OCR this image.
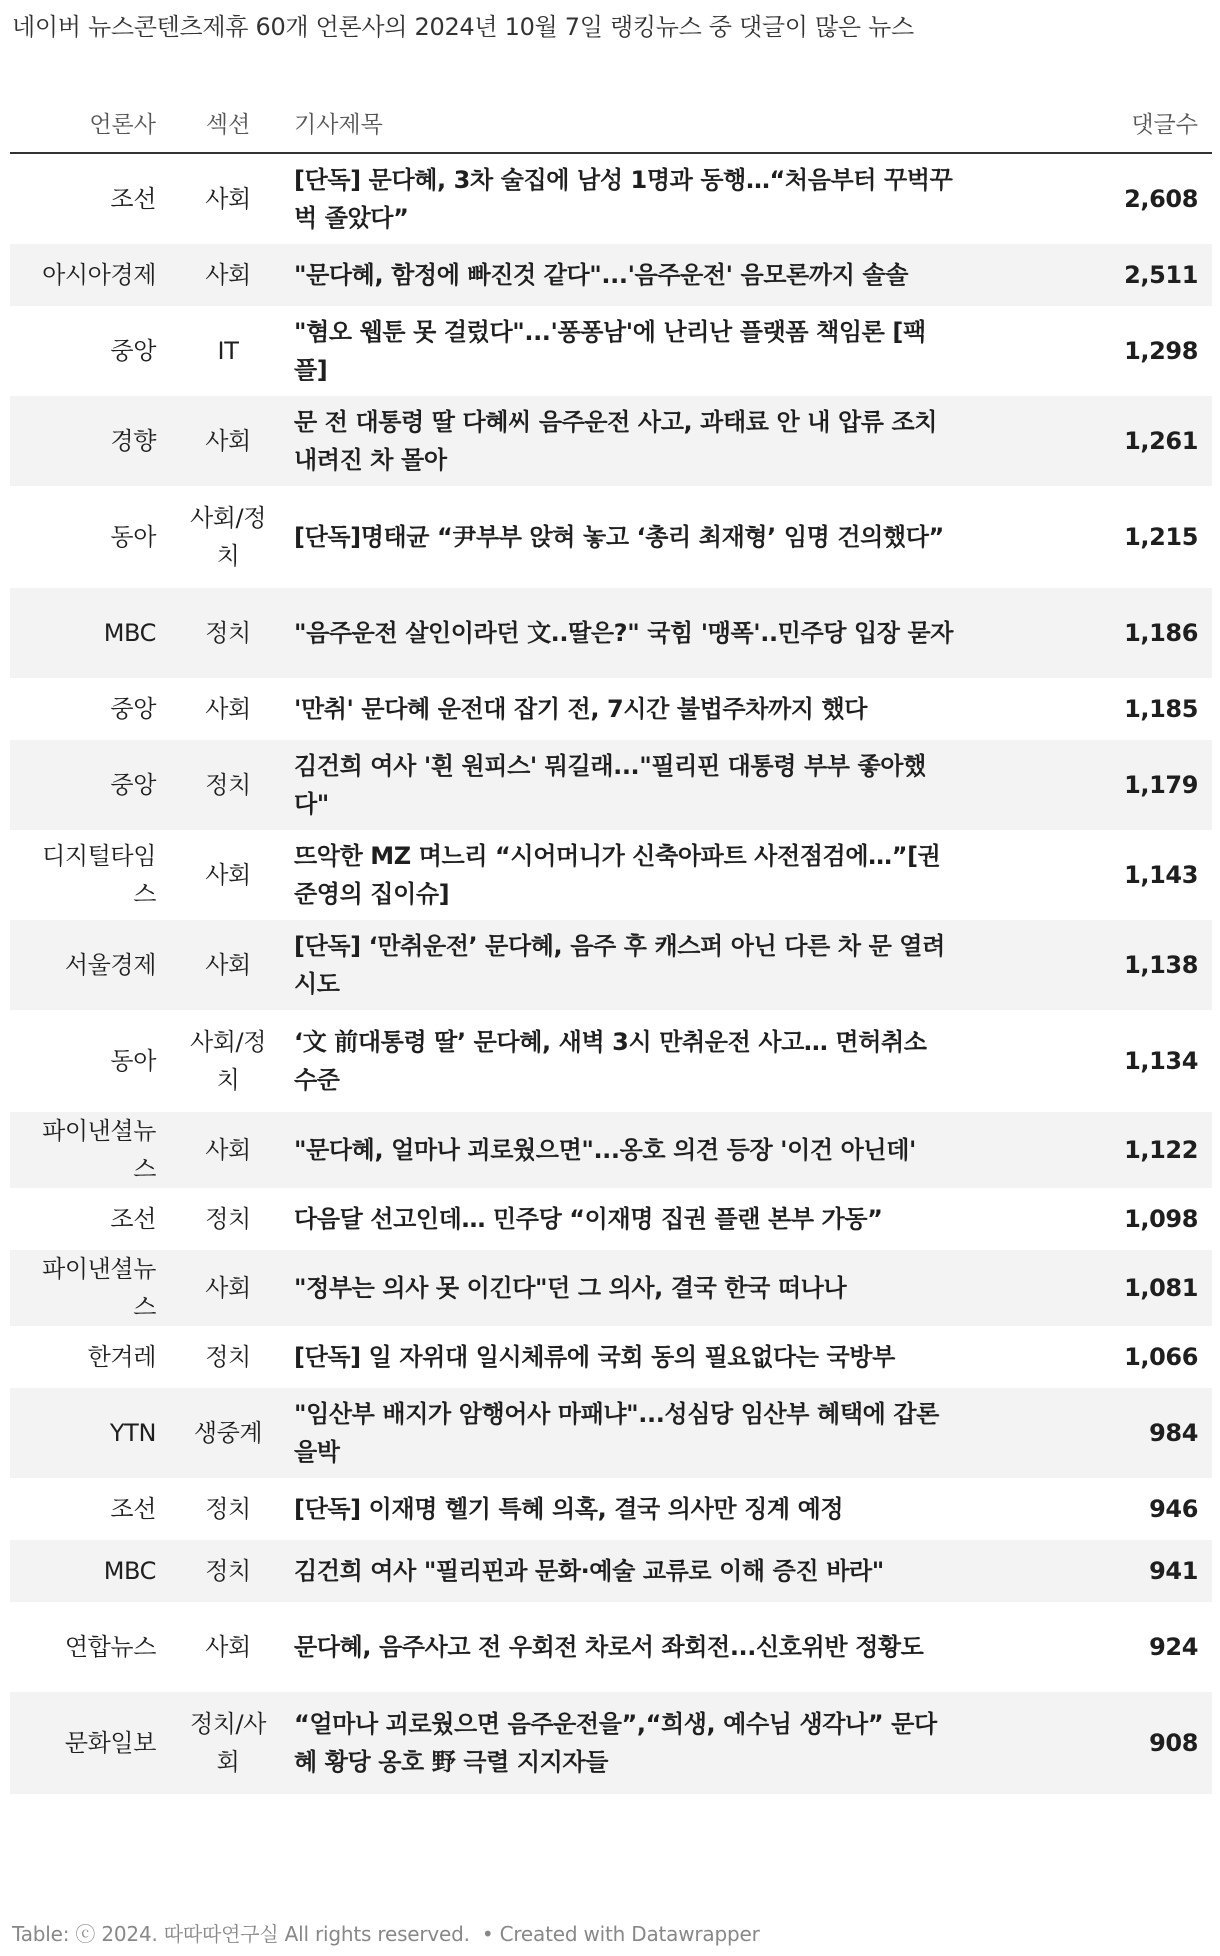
네이버 뉴스콘텐츠제휴 60개 언론사의 2024년 10월 7일 랭킹뉴스 중 댓글이 많은 뉴스
언론사	섹션	기사제목	댓글수
조선	사회	[단독] 문다혜, 3차 술집에 남성 1명과 동행…“처음부터 꾸벅꾸벅 졸았다”	2,608
아시아경제	사회	"문다혜, 함정에 빠진것 같다"...'음주운전' 음모론까지 솔솔	2,511
중앙	IT	"혐오 웹툰 못 걸렀다"...'퐁퐁남'에 난리난 플랫폼 책임론 [팩플]	1,298
경향	사회	문 전 대통령 딸 다혜씨 음주운전 사고, 과태료 안 내 압류 조치 내려진 차 몰아	1,261
동아	사회/정치	[단독]명태균 “尹부부 앉혀 놓고 ‘총리 최재형’ 임명 건의했다”	1,215
MBC	정치	"음주운전 살인이라던 文..딸은?" 국힘 '맹폭'..민주당 입장 묻자	1,186
중앙	사회	'만취' 문다혜 운전대 잡기 전, 7시간 불법주차까지 했다	1,185
중앙	정치	김건희 여사 '흰 원피스' 뭐길래..."필리핀 대통령 부부 좋아했다"	1,179
디지털타임스	사회	뜨악한 MZ 며느리 “시어머니가 신축아파트 사전점검에…”[권준영의 집이슈]	1,143
서울경제	사회	[단독] ‘만취운전’ 문다혜, 음주 후 캐스퍼 아닌 다른 차 문 열려 시도	1,138
동아	사회/정치	‘文 前대통령 딸’ 문다혜, 새벽 3시 만취운전 사고… 면허취소 수준	1,134
파이낸셜뉴스	사회	"문다혜, 얼마나 괴로웠으면"...옹호 의견 등장 '이건 아닌데'	1,122
조선	정치	다음달 선고인데… 민주당 “이재명 집권 플랜 본부 가동”	1,098
파이낸셜뉴스	사회	"정부는 의사 못 이긴다"던 그 의사, 결국 한국 떠나나	1,081
한겨레	정치	[단독] 일 자위대 일시체류에 국회 동의 필요없다는 국방부	1,066
YTN	생중계	"임산부 배지가 암행어사 마패냐"...성심당 임산부 혜택에 갑론을박	984
조선	정치	[단독] 이재명 헬기 특혜 의혹, 결국 의사만 징계 예정	946
MBC	정치	김건희 여사 "필리핀과 문화·예술 교류로 이해 증진 바라"	941
연합뉴스	사회	문다혜, 음주사고 전 우회전 차로서 좌회전...신호위반 정황도	924
문화일보	정치/사회	“얼마나 괴로웠으면 음주운전을”,“희생, 예수님 생각나” 문다혜 황당 옹호 野 극렬 지지자들	908
Table: ⓒ 2024. 따따따연구실 All rights reserved. • Created with Datawrapper
